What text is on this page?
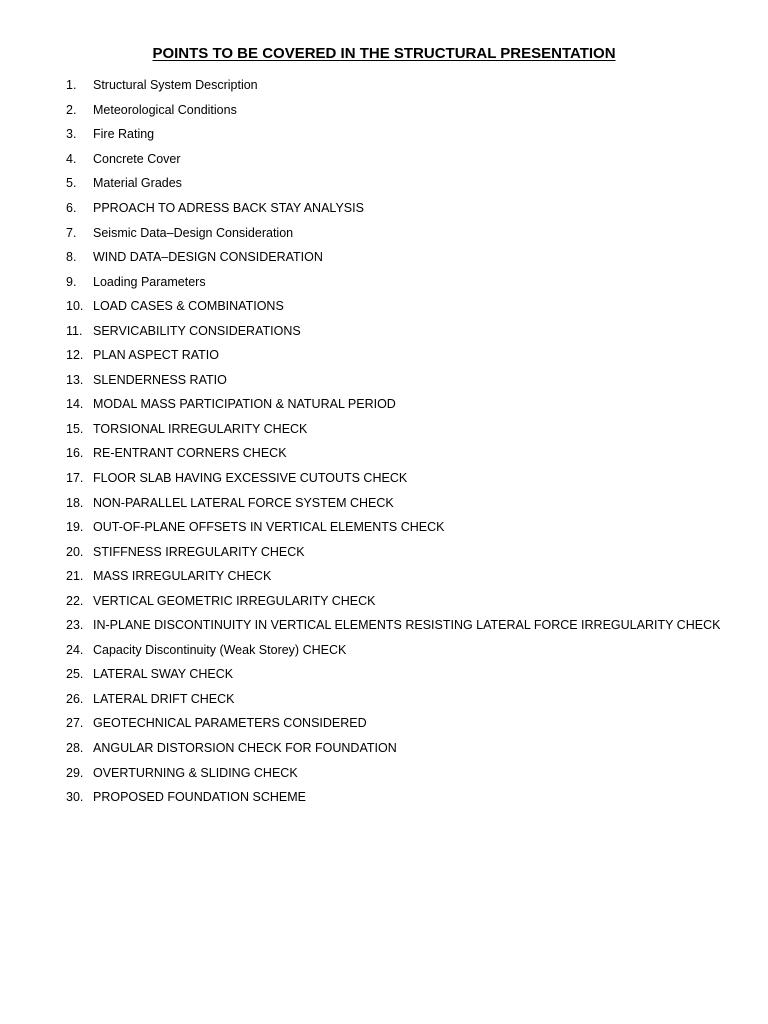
POINTS TO BE COVERED IN THE STRUCTURAL PRESENTATION
1.	Structural System Description
2.	Meteorological Conditions
3.	Fire Rating
4.	Concrete Cover
5.	Material Grades
6.	PPROACH TO ADRESS BACK STAY ANALYSIS
7.	Seismic Data–Design Consideration
8.	WIND DATA–DESIGN CONSIDERATION
9.	Loading Parameters
10. LOAD CASES & COMBINATIONS
11. SERVICABILITY CONSIDERATIONS
12. PLAN ASPECT RATIO
13. SLENDERNESS RATIO
14. MODAL MASS PARTICIPATION & NATURAL PERIOD
15. TORSIONAL IRREGULARITY CHECK
16. RE-ENTRANT CORNERS CHECK
17. FLOOR SLAB HAVING EXCESSIVE CUTOUTS CHECK
18. NON-PARALLEL LATERAL FORCE SYSTEM CHECK
19. OUT-OF-PLANE OFFSETS IN VERTICAL ELEMENTS CHECK
20. STIFFNESS IRREGULARITY CHECK
21. MASS IRREGULARITY CHECK
22. VERTICAL GEOMETRIC IRREGULARITY CHECK
23. IN-PLANE DISCONTINUITY IN VERTICAL ELEMENTS RESISTING LATERAL FORCE IRREGULARITY CHECK
24. Capacity Discontinuity (Weak Storey) CHECK
25. LATERAL SWAY CHECK
26. LATERAL DRIFT CHECK
27. GEOTECHNICAL PARAMETERS CONSIDERED
28. ANGULAR DISTORSION CHECK FOR FOUNDATION
29. OVERTURNING & SLIDING CHECK
30. PROPOSED FOUNDATION SCHEME
